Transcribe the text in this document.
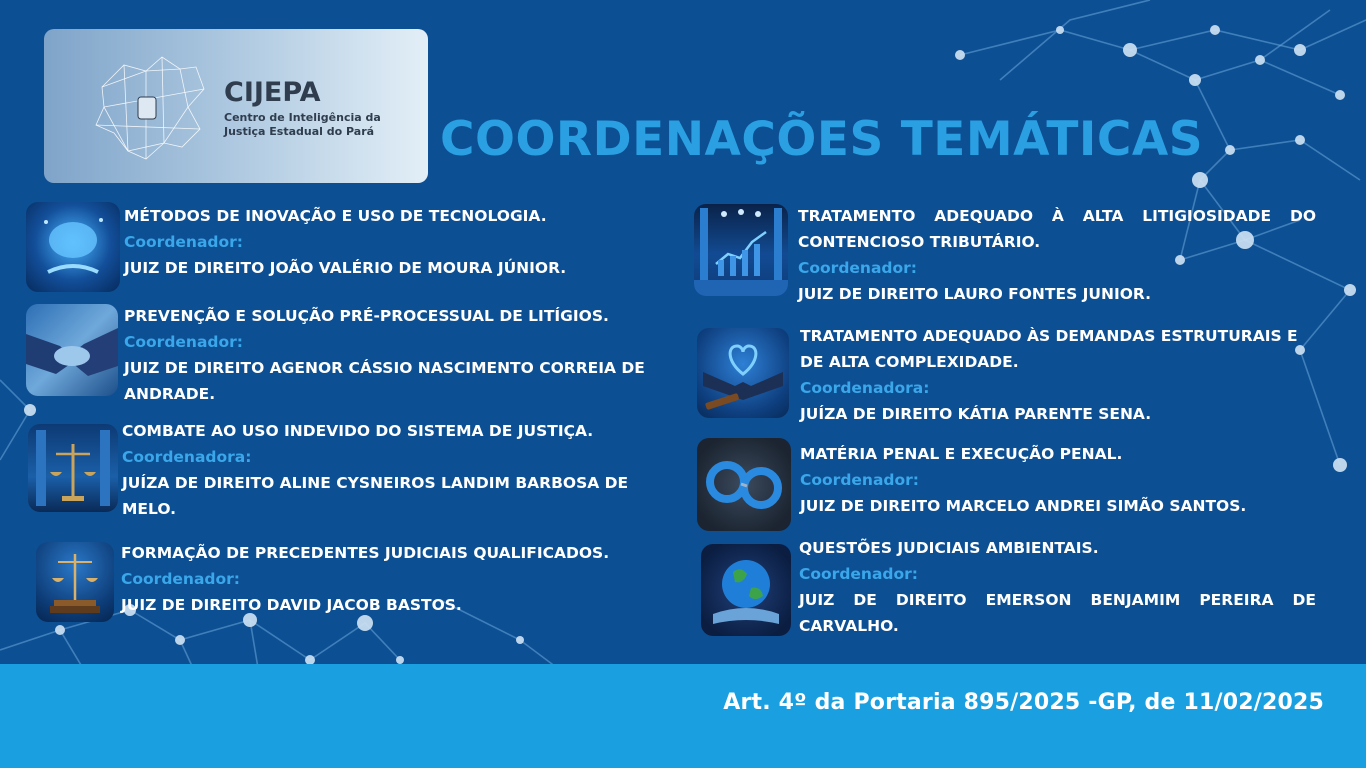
CIJEPA
Centro de Inteligência da
Justiça Estadual do Pará	COORDENAÇÕES TEMÁTICAS
MÉTODOS DE INOVAÇÃO E USO DE TECNOLOGIA.
Coordenador:
JUIZ DE DIREITO JOÃO VALÉRIO DE MOURA JÚNIOR.
PREVENÇÃO E SOLUÇÃO PRÉ-PROCESSUAL DE LITÍGIOS.
Coordenador:
JUIZ DE DIREITO AGENOR CÁSSIO NASCIMENTO CORREIA DE ANDRADE.
COMBATE AO USO INDEVIDO DO SISTEMA DE JUSTIÇA.
Coordenadora:
JUÍZA DE DIREITO ALINE CYSNEIROS LANDIM BARBOSA DE MELO.
FORMAÇÃO DE PRECEDENTES JUDICIAIS QUALIFICADOS.
Coordenador:
JUIZ DE DIREITO DAVID JACOB BASTOS.
TRATAMENTO ADEQUADO À ALTA LITIGIOSIDADE DO CONTENCIOSO TRIBUTÁRIO.
Coordenador:
JUIZ DE DIREITO LAURO FONTES JUNIOR.
TRATAMENTO ADEQUADO ÀS DEMANDAS ESTRUTURAIS E DE ALTA COMPLEXIDADE.
Coordenadora:
JUÍZA DE DIREITO KÁTIA PARENTE SENA.
MATÉRIA PENAL E EXECUÇÃO PENAL.
Coordenador:
JUIZ DE DIREITO MARCELO ANDREI SIMÃO SANTOS.
QUESTÕES JUDICIAIS AMBIENTAIS.
Coordenador:
JUIZ DE DIREITO EMERSON BENJAMIM PEREIRA DE CARVALHO.
Art. 4º da Portaria 895/2025 -GP, de 11/02/2025
